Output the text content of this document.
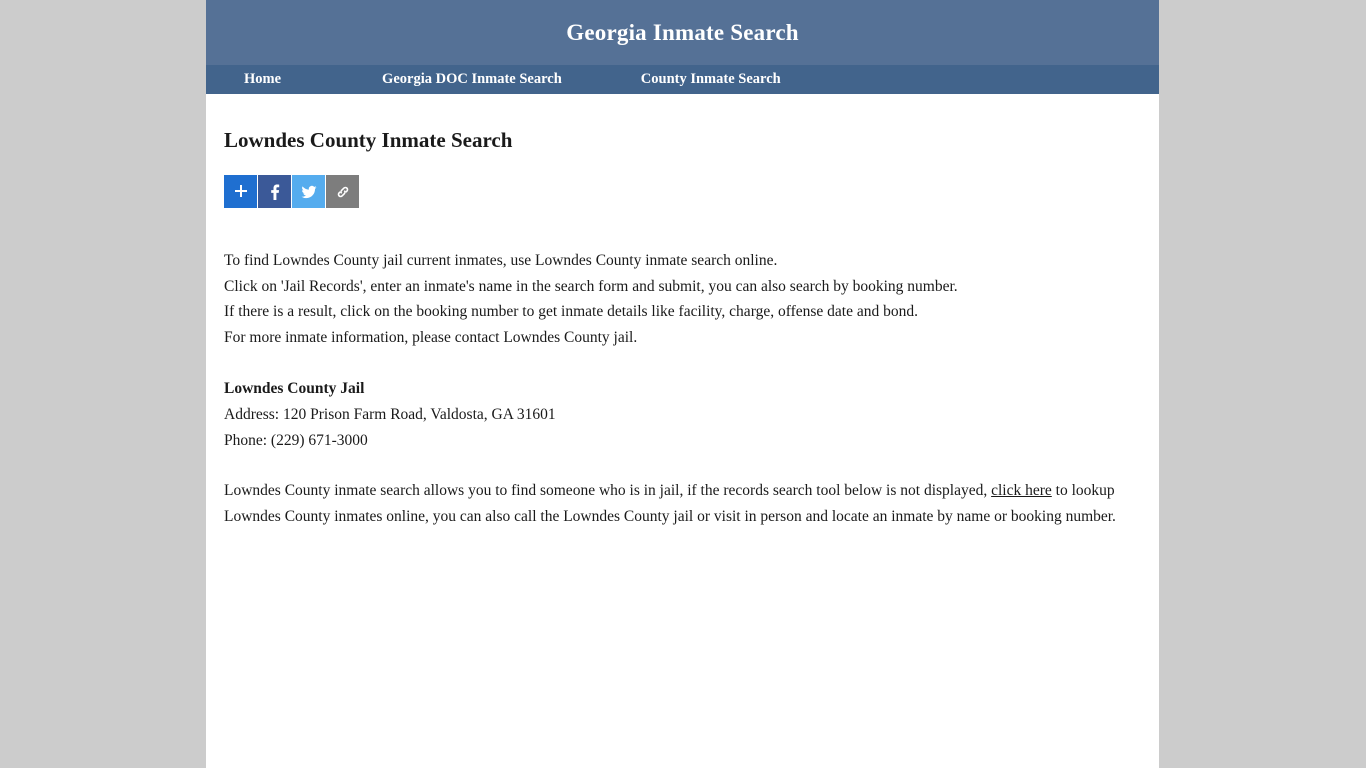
Georgia Inmate Search
Home	Georgia DOC Inmate Search	County Inmate Search
Lowndes County Inmate Search
To find Lowndes County jail current inmates, use Lowndes County inmate search online.
Click on 'Jail Records', enter an inmate's name in the search form and submit, you can also search by booking number.
If there is a result, click on the booking number to get inmate details like facility, charge, offense date and bond.
For more inmate information, please contact Lowndes County jail.
Lowndes County Jail
Address: 120 Prison Farm Road, Valdosta, GA 31601
Phone: (229) 671-3000
Lowndes County inmate search allows you to find someone who is in jail, if the records search tool below is not displayed, click here to lookup Lowndes County inmates online, you can also call the Lowndes County jail or visit in person and locate an inmate by name or booking number.
